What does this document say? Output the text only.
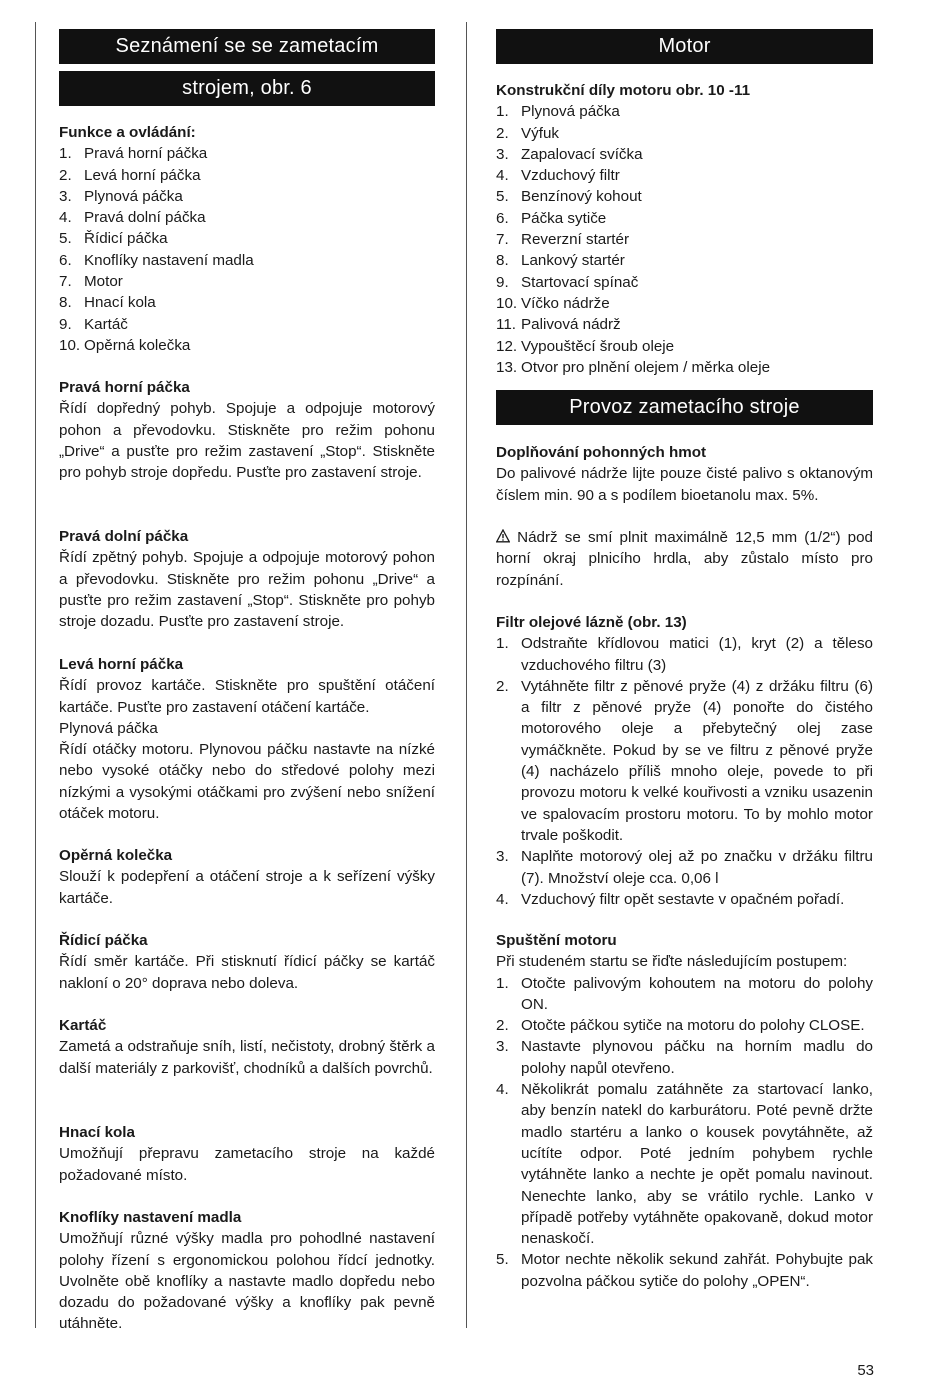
Seznámení se se zametacím
strojem, obr. 6
Funkce a ovládání:
1. Pravá horní páčka
2. Levá horní páčka
3. Plynová páčka
4. Pravá dolní páčka
5. Řídicí páčka
6. Knoflíky nastavení madla
7. Motor
8. Hnací kola
9. Kartáč
10. Opěrná kolečka
Pravá horní páčka
Řídí dopředný pohyb. Spojuje a odpojuje motorový pohon a převodovku. Stiskněte pro režim pohonu „Drive“ a pusťte pro režim zastavení „Stop“. Stiskněte pro pohyb stroje dopředu. Pusťte pro zastavení stroje.
Pravá dolní páčka
Řídí zpětný pohyb. Spojuje a odpojuje motorový pohon a převodovku. Stiskněte pro režim pohonu „Drive“ a pusťte pro režim zastavení „Stop“. Stiskněte pro pohyb stroje dozadu. Pusťte pro zastavení stroje.
Levá horní páčka
Řídí provoz kartáče. Stiskněte pro spuštění otáčení kartáče. Pusťte pro zastavení otáčení kartáče.
Plynová páčka
Řídí otáčky motoru. Plynovou páčku nastavte na nízké nebo vysoké otáčky nebo do středové polohy mezi nízkými a vysokými otáčkami pro zvýšení nebo snížení otáček motoru.
Opěrná kolečka
Slouží k podepření a otáčení stroje a k seřízení výšky kartáče.
Řídicí páčka
Řídí směr kartáče. Při stisknutí řídicí páčky se kartáč nakloní o 20° doprava nebo doleva.
Kartáč
Zametá a odstraňuje sníh, listí, nečistoty, drobný štěrk a další materiály z parkovišť, chodníků a dalších povrchů.
Hnací kola
Umožňují přepravu zametacího stroje na každé požadované místo.
Knoflíky nastavení madla
Umožňují různé výšky madla pro pohodlné nastavení polohy řízení s ergonomickou polohou řídcí jednotky. Uvolněte obě knoflíky a nastavte madlo dopředu nebo dozadu do požadované výšky a knoflíky pak pevně utáhněte.
Motor
Konstrukční díly motoru obr. 10 -11
1. Plynová páčka
2. Výfuk
3. Zapalovací svíčka
4. Vzduchový filtr
5. Benzínový kohout
6. Páčka sytiče
7. Reverzní startér
8. Lankový startér
9. Startovací spínač
10. Víčko nádrže
11. Palivová nádrž
12. Vypouštěcí šroub oleje
13. Otvor pro plnění olejem / měrka oleje
Provoz zametacího stroje
Doplňování pohonných hmot
Do palivové nádrže lijte pouze čisté palivo s oktanovým číslem min. 90 a s podílem bioetanolu max. 5%.
Nádrž se smí plnit maximálně 12,5 mm (1/2“) pod horní okraj plnicího hrdla, aby zůstalo místo pro rozpínání.
Filtr olejové lázně (obr. 13)
1. Odstraňte křídlovou matici (1), kryt (2) a těleso vzduchového filtru (3)
2. Vytáhněte filtr z pěnové pryže (4) z držáku filtru (6) a filtr z pěnové pryže (4) ponořte do čistého motorového oleje a přebytečný olej zase vymáčkněte. Pokud by se ve filtru z pěnové pryže (4) nacházelo příliš mnoho oleje, povede to při provozu motoru k velké kouřivosti a vzniku usazenin ve spalovacím prostoru motoru. To by mohlo motor trvale poškodit.
3. Naplňte motorový olej až po značku v držáku filtru (7). Množství oleje cca. 0,06 l
4. Vzduchový filtr opět sestavte v opačném pořadí.
Spuštění motoru
Při studeném startu se řiďte následujícím postupem:
1. Otočte palivovým kohoutem na motoru do polohy ON.
2. Otočte páčkou sytiče na motoru do polohy CLOSE.
3. Nastavte plynovou páčku na horním madlu do polohy napůl otevřeno.
4. Několikrát pomalu zatáhněte za startovací lanko, aby benzín natekl do karburátoru. Poté pevně držte madlo startéru a lanko o kousek povytáhněte, až ucítíte odpor. Poté jedním pohybem rychle vytáhněte lanko a nechte je opět pomalu navinout. Nenechte lanko, aby se vrátilo rychle. Lanko v případě potřeby vytáhněte opakovaně, dokud motor nenaskočí.
5. Motor nechte několik sekund zahřát. Pohybujte pak pozvolna páčkou sytiče do polohy „OPEN“.
53
